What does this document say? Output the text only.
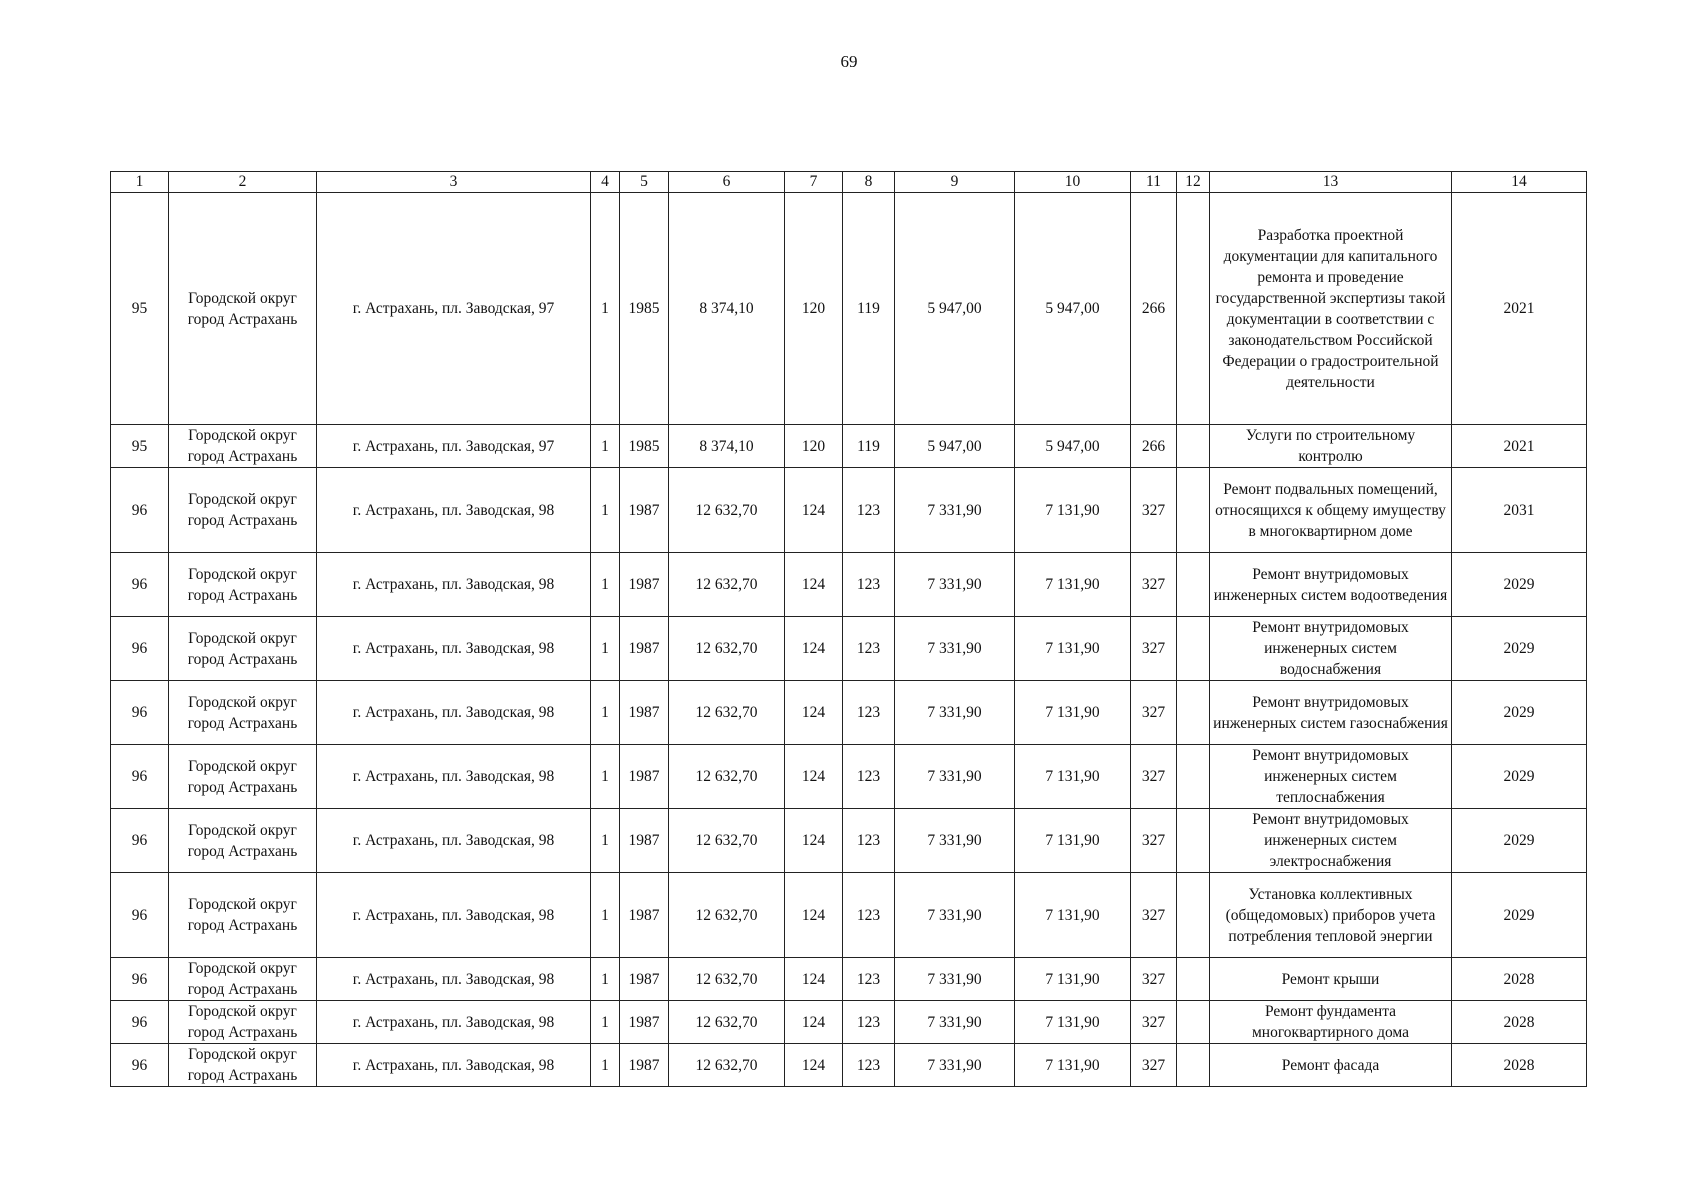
69
1	2	3	4	5	6	7	8	9	10	11	12	13	14
95	Городской округ город Астрахань	г. Астрахань, пл. Заводская, 97	1	1985	8 374,10	120	119	5 947,00	5 947,00	266		Разработка проектной документации для капитального ремонта и проведение государственной экспертизы такой документации в соответствии с законодательством Российской Федерации о градостроительной деятельности	2021
95	Городской округ город Астрахань	г. Астрахань, пл. Заводская, 97	1	1985	8 374,10	120	119	5 947,00	5 947,00	266		Услуги по строительному контролю	2021
96	Городской округ город Астрахань	г. Астрахань, пл. Заводская, 98	1	1987	12 632,70	124	123	7 331,90	7 131,90	327		Ремонт подвальных помещений, относящихся к общему имуществу в многоквартирном доме	2031
96	Городской округ город Астрахань	г. Астрахань, пл. Заводская, 98	1	1987	12 632,70	124	123	7 331,90	7 131,90	327		Ремонт внутридомовых инженерных систем водоотведения	2029
96	Городской округ город Астрахань	г. Астрахань, пл. Заводская, 98	1	1987	12 632,70	124	123	7 331,90	7 131,90	327		Ремонт внутридомовых инженерных систем водоснабжения	2029
96	Городской округ город Астрахань	г. Астрахань, пл. Заводская, 98	1	1987	12 632,70	124	123	7 331,90	7 131,90	327		Ремонт внутридомовых инженерных систем газоснабжения	2029
96	Городской округ город Астрахань	г. Астрахань, пл. Заводская, 98	1	1987	12 632,70	124	123	7 331,90	7 131,90	327		Ремонт внутридомовых инженерных систем теплоснабжения	2029
96	Городской округ город Астрахань	г. Астрахань, пл. Заводская, 98	1	1987	12 632,70	124	123	7 331,90	7 131,90	327		Ремонт внутридомовых инженерных систем электроснабжения	2029
96	Городской округ город Астрахань	г. Астрахань, пл. Заводская, 98	1	1987	12 632,70	124	123	7 331,90	7 131,90	327		Установка коллективных (общедомовых) приборов учета потребления тепловой энергии	2029
96	Городской округ город Астрахань	г. Астрахань, пл. Заводская, 98	1	1987	12 632,70	124	123	7 331,90	7 131,90	327		Ремонт крыши	2028
96	Городской округ город Астрахань	г. Астрахань, пл. Заводская, 98	1	1987	12 632,70	124	123	7 331,90	7 131,90	327		Ремонт фундамента многоквартирного дома	2028
96	Городской округ город Астрахань	г. Астрахань, пл. Заводская, 98	1	1987	12 632,70	124	123	7 331,90	7 131,90	327		Ремонт фасада	2028
